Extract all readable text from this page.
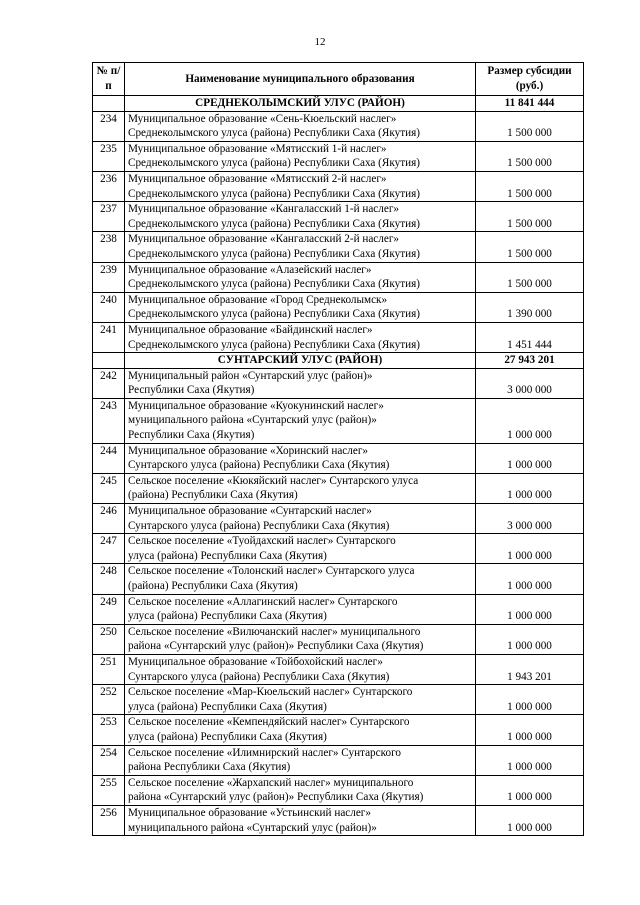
12
№ п/п	Наименование муниципального образования	Размер субсидии (руб.)
	СРЕДНЕКОЛЫМСКИЙ УЛУС (РАЙОН)	11 841 444
234	Муниципальное образование «Сень-Кюельский наслег»
Среднеколымского улуса (района) Республики Саха (Якутия)	1 500 000
235	Муниципальное образование «Мятисский 1-й наслег»
Среднеколымского улуса (района) Республики Саха (Якутия)	1 500 000
236	Муниципальное образование «Мятисский 2-й наслег»
Среднеколымского улуса (района) Республики Саха (Якутия)	1 500 000
237	Муниципальное образование «Кангаласский 1-й наслег»
Среднеколымского улуса (района) Республики Саха (Якутия)	1 500 000
238	Муниципальное образование «Кангаласский 2-й наслег»
Среднеколымского улуса (района) Республики Саха (Якутия)	1 500 000
239	Муниципальное образование «Алазейский наслег»
Среднеколымского улуса (района) Республики Саха (Якутия)	1 500 000
240	Муниципальное образование «Город Среднеколымск»
Среднеколымского улуса (района) Республики Саха (Якутия)	1 390 000
241	Муниципальное образование «Байдинский наслег»
Среднеколымского улуса (района) Республики Саха (Якутия)	1 451 444
	СУНТАРСКИЙ УЛУС (РАЙОН)	27 943 201
242	Муниципальный район «Сунтарский улус (район)»
Республики Саха (Якутия)	3 000 000
243	Муниципальное образование «Куокунинский наслег»
муниципального района «Сунтарский улус (район)»
Республики Саха (Якутия)	1 000 000
244	Муниципальное образование «Хоринский наслег»
Сунтарского улуса (района) Республики Саха (Якутия)	1 000 000
245	Сельское поселение «Кюкяйский наслег» Сунтарского улуса
(района) Республики Саха (Якутия)	1 000 000
246	Муниципальное образование «Сунтарский наслег»
Сунтарского улуса (района) Республики Саха (Якутия)	3 000 000
247	Сельское поселение «Туойдахский наслег» Сунтарского
улуса (района) Республики Саха (Якутия)	1 000 000
248	Сельское поселение «Толонский наслег» Сунтарского улуса
(района) Республики Саха (Якутия)	1 000 000
249	Сельское поселение «Аллагинский наслег» Сунтарского
улуса (района) Республики Саха (Якутия)	1 000 000
250	Сельское поселение «Вилючанский наслег» муниципального
района «Сунтарский улус (район)» Республики Саха (Якутия)	1 000 000
251	Муниципальное образование «Тойбохойский наслег»
Сунтарского улуса (района) Республики Саха (Якутия)	1 943 201
252	Сельское поселение «Мар-Кюельский наслег» Сунтарского
улуса (района) Республики Саха (Якутия)	1 000 000
253	Сельское поселение «Кемпендяйский наслег» Сунтарского
улуса (района) Республики Саха (Якутия)	1 000 000
254	Сельское поселение «Илимнирский наслег» Сунтарского
района Республики Саха (Якутия)	1 000 000
255	Сельское поселение «Жархапский наслег» муниципального
района «Сунтарский улус (район)» Республики Саха (Якутия)	1 000 000
256	Муниципальное образование «Устьинский наслег»
муниципального района «Сунтарский улус (район)»	1 000 000
